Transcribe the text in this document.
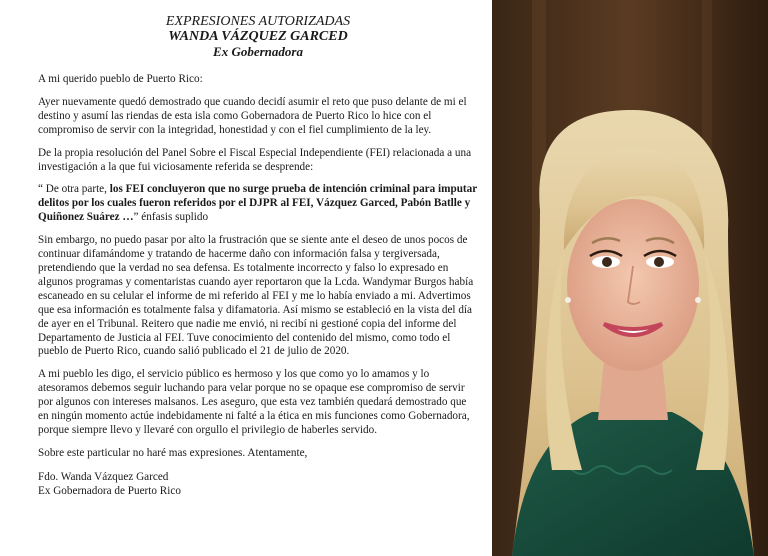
EXPRESIONES AUTORIZADAS
WANDA VÁZQUEZ GARCED
Ex Gobernadora

A mi querido pueblo de Puerto Rico:

Ayer nuevamente quedó demostrado que cuando decidí asumir el reto que puso delante de mi el destino y asumí las riendas de esta isla como Gobernadora de Puerto Rico lo hice con el compromiso de servir con la integridad, honestidad y con el fiel cumplimiento de la ley.

De la propia resolución del Panel Sobre el Fiscal Especial Independiente (FEI) relacionada a una investigación a la que fui viciosamente referida se desprende:

“ De otra parte, los FEI concluyeron que no surge prueba de intención criminal para imputar delitos por los cuales fueron referidos por el DJPR al FEI, Vázquez Garced, Pabón Batlle y Quiñonez Suárez …” énfasis suplido

Sin embargo, no puedo pasar por alto la frustración que se siente ante el deseo de unos pocos de continuar difamándome y tratando de hacerme daño con información falsa y tergiversada, pretendiendo que la verdad no sea defensa. Es totalmente incorrecto y falso lo expresado en algunos programas y comentaristas cuando ayer reportaron que la Lcda. Wandymar Burgos había escaneado en su celular el informe de mi referido al FEI y me lo había enviado a mi. Advertimos que esa información es totalmente falsa y difamatoria. Así mismo se estableció en la vista del día de ayer en el Tribunal. Reitero que nadie me envió, ni recibí ni gestioné copia del informe del Departamento de Justicia al FEI. Tuve conocimiento del contenido del mismo, como todo el pueblo de Puerto Rico, cuando salió publicado el 21 de julio de 2020.

A mi pueblo les digo, el servicio público es hermoso y los que como yo lo amamos y lo atesoramos debemos seguir luchando para velar porque no se opaque ese compromiso de servir por algunos con intereses malsanos. Les aseguro, que esta vez también quedará demostrado que en ningún momento actúe indebidamente ni falté a la ética en mis funciones como Gobernadora, porque siempre llevo y llevaré con orgullo el privilegio de haberles servido.

Sobre este particular no haré mas expresiones. Atentamente,

Fdo. Wanda Vázquez Garced
Ex Gobernadora de Puerto Rico
